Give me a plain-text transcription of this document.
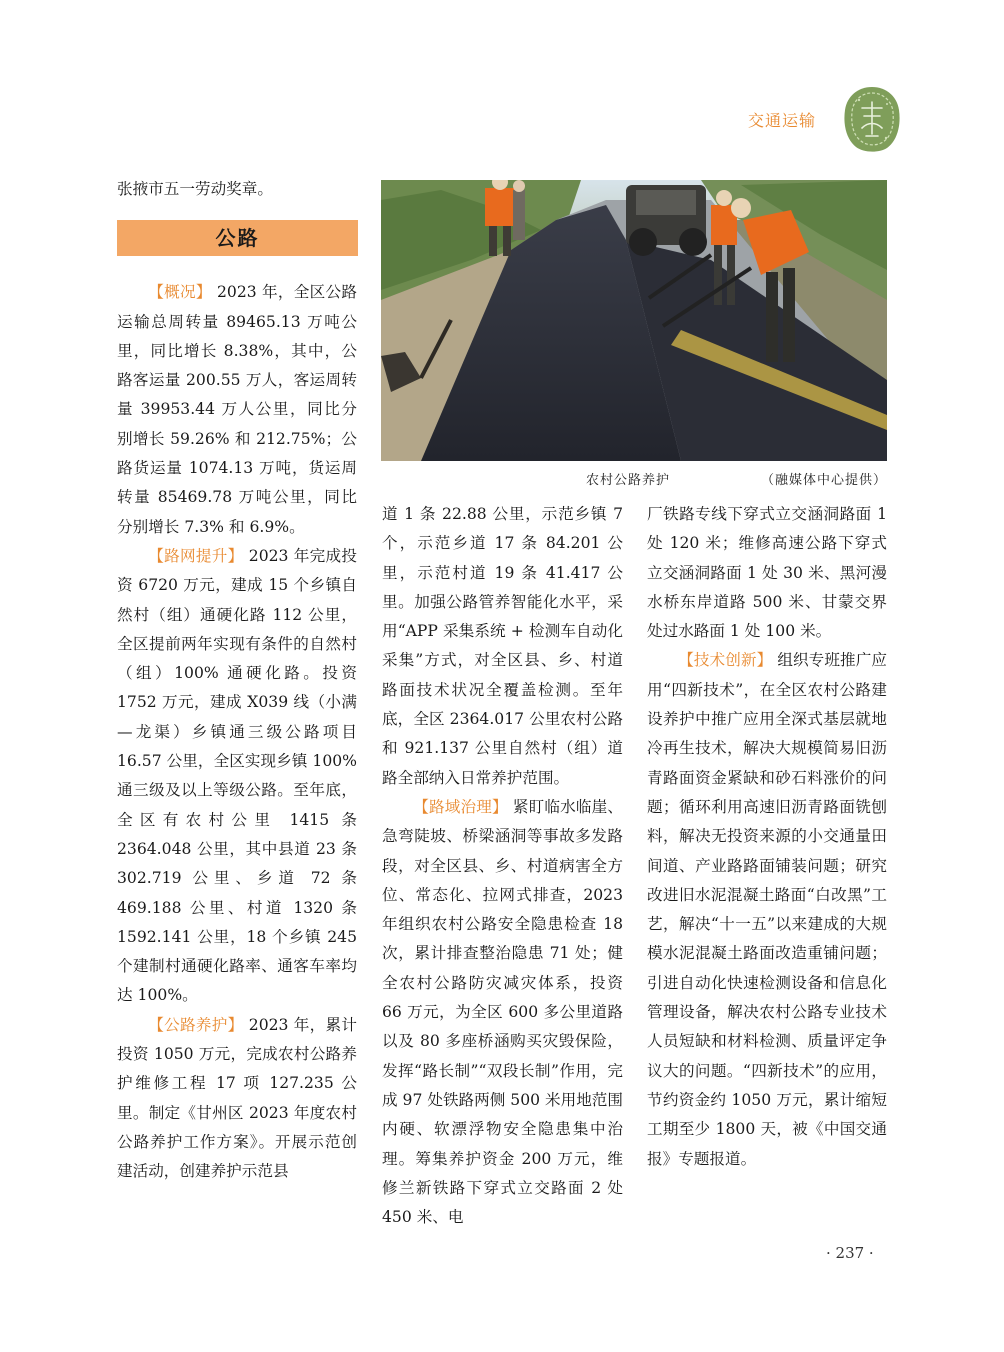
交通运输

张掖市五一劳动奖章。

公路

【概况】 2023 年，全区公路运输总周转量 89465.13 万吨公里，同比增长 8.38%，其中，公路客运量 200.55 万人，客运周转量 39953.44 万人公里，同比分别增长 59.26% 和 212.75%；公路货运量 1074.13 万吨，货运周转量 85469.78 万吨公里，同比分别增长 7.3% 和 6.9%。

【路网提升】 2023 年完成投资 6720 万元，建成 15 个乡镇自然村（组）通硬化路 112 公里，全区提前两年实现有条件的自然村（组）100% 通硬化路。投资 1752 万元，建成 X039 线（小满—龙渠）乡镇通三级公路项目 16.57 公里，全区实现乡镇 100% 通三级及以上等级公路。至年底，全区有农村公里 1415 条 2364.048 公里，其中县道 23 条 302.719 公里、乡道 72 条 469.188 公里、村道 1320 条 1592.141 公里，18 个乡镇 245 个建制村通硬化路率、通客车率均达 100%。

【公路养护】 2023 年，累计投资 1050 万元，完成农村公路养护维修工程 17 项 127.235 公里。制定《甘州区 2023 年度农村公路养护工作方案》。开展示范创建活动，创建养护示范县

农村公路养护	（融媒体中心提供）

道 1 条 22.88 公里，示范乡镇 7 个，示范乡道 17 条 84.201 公里，示范村道 19 条 41.417 公里。加强公路管养智能化水平，采用“APP 采集系统 + 检测车自动化采集”方式，对全区县、乡、村道路面技术状况全覆盖检测。至年底，全区 2364.017 公里农村公路和 921.137 公里自然村（组）道路全部纳入日常养护范围。

【路域治理】 紧盯临水临崖、急弯陡坡、桥梁涵洞等事故多发路段，对全区县、乡、村道病害全方位、常态化、拉网式排查，2023 年组织农村公路安全隐患检查 18 次，累计排查整治隐患 71 处；健全农村公路防灾减灾体系，投资 66 万元，为全区 600 多公里道路以及 80 多座桥涵购买灾毁保险，发挥“路长制”“双段长制”作用，完成 97 处铁路两侧 500 米用地范围内硬、软漂浮物安全隐患集中治理。筹集养护资金 200 万元，维修兰新铁路下穿式立交路面 2 处 450 米、电

厂铁路专线下穿式立交涵洞路面 1 处 120 米；维修高速公路下穿式立交涵洞路面 1 处 30 米、黑河漫水桥东岸道路 500 米、甘蒙交界处过水路面 1 处 100 米。

【技术创新】 组织专班推广应用“四新技术”，在全区农村公路建设养护中推广应用全深式基层就地冷再生技术，解决大规模简易旧沥青路面资金紧缺和砂石料涨价的问题；循环利用高速旧沥青路面铣刨料，解决无投资来源的小交通量田间道、产业路路面铺装问题；研究改进旧水泥混凝土路面“白改黑”工艺，解决“十一五”以来建成的大规模水泥混凝土路面改造重铺问题；引进自动化快速检测设备和信息化管理设备，解决农村公路专业技术人员短缺和材料检测、质量评定争议大的问题。“四新技术”的应用，节约资金约 1050 万元，累计缩短工期至少 1800 天，被《中国交通报》专题报道。

· 237 ·
